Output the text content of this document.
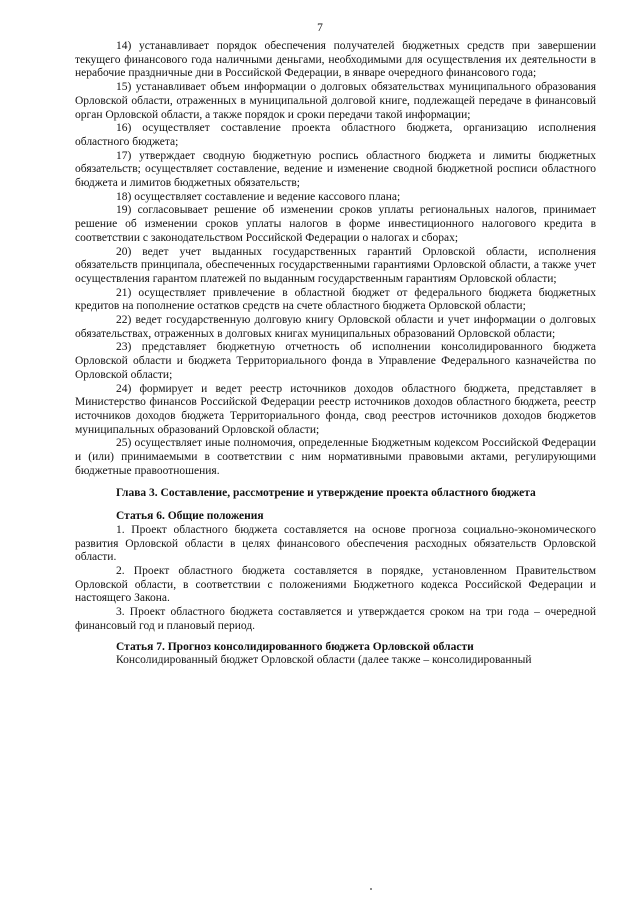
7

14) устанавливает порядок обеспечения получателей бюджетных средств при завершении текущего финансового года наличными деньгами, необходимыми для осуществления их деятельности в нерабочие праздничные дни в Российской Федерации, в январе очередного финансового года;

15) устанавливает объем информации о долговых обязательствах муниципального образования Орловской области, отраженных в муниципальной долговой книге, подлежащей передаче в финансовый орган Орловской области, а также порядок и сроки передачи такой информации;

16) осуществляет составление проекта областного бюджета, организацию исполнения областного бюджета;

17) утверждает сводную бюджетную роспись областного бюджета и лимиты бюджетных обязательств; осуществляет составление, ведение и изменение сводной бюджетной росписи областного бюджета и лимитов бюджетных обязательств;

18) осуществляет составление и ведение кассового плана;

19) согласовывает решение об изменении сроков уплаты региональных налогов, принимает решение об изменении сроков уплаты налогов в форме инвестиционного налогового кредита в соответствии с законодательством Российской Федерации о налогах и сборах;

20) ведет учет выданных государственных гарантий Орловской области, исполнения обязательств принципала, обеспеченных государственными гарантиями Орловской области, а также учет осуществления гарантом платежей по выданным государственным гарантиям Орловской области;

21) осуществляет привлечение в областной бюджет от федерального бюджета бюджетных кредитов на пополнение остатков средств на счете областного бюджета Орловской области;

22) ведет государственную долговую книгу Орловской области и учет информации о долговых обязательствах, отраженных в долговых книгах муниципальных образований Орловской области;

23) представляет бюджетную отчетность об исполнении консолидированного бюджета Орловской области и бюджета Территориального фонда в Управление Федерального казначейства по Орловской области;

24) формирует и ведет реестр источников доходов областного бюджета, представляет в Министерство финансов Российской Федерации реестр источников доходов областного бюджета, реестр источников доходов бюджета Территориального фонда, свод реестров источников доходов бюджетов муниципальных образований Орловской области;

25) осуществляет иные полномочия, определенные Бюджетным кодексом Российской Федерации и (или) принимаемыми в соответствии с ним нормативными правовыми актами, регулирующими бюджетные правоотношения.

Глава 3. Составление, рассмотрение и утверждение проекта областного бюджета
Статья 6. Общие положения

1. Проект областного бюджета составляется на основе прогноза социально-экономического развития Орловской области в целях финансового обеспечения расходных обязательств Орловской области.

2. Проект областного бюджета составляется в порядке, установленном Правительством Орловской области, в соответствии с положениями Бюджетного кодекса Российской Федерации и настоящего Закона.

3. Проект областного бюджета составляется и утверждается сроком на три года – очередной финансовый год и плановый период.

Статья 7. Прогноз консолидированного бюджета Орловской области

Консолидированный бюджет Орловской области (далее также – консолидированный
